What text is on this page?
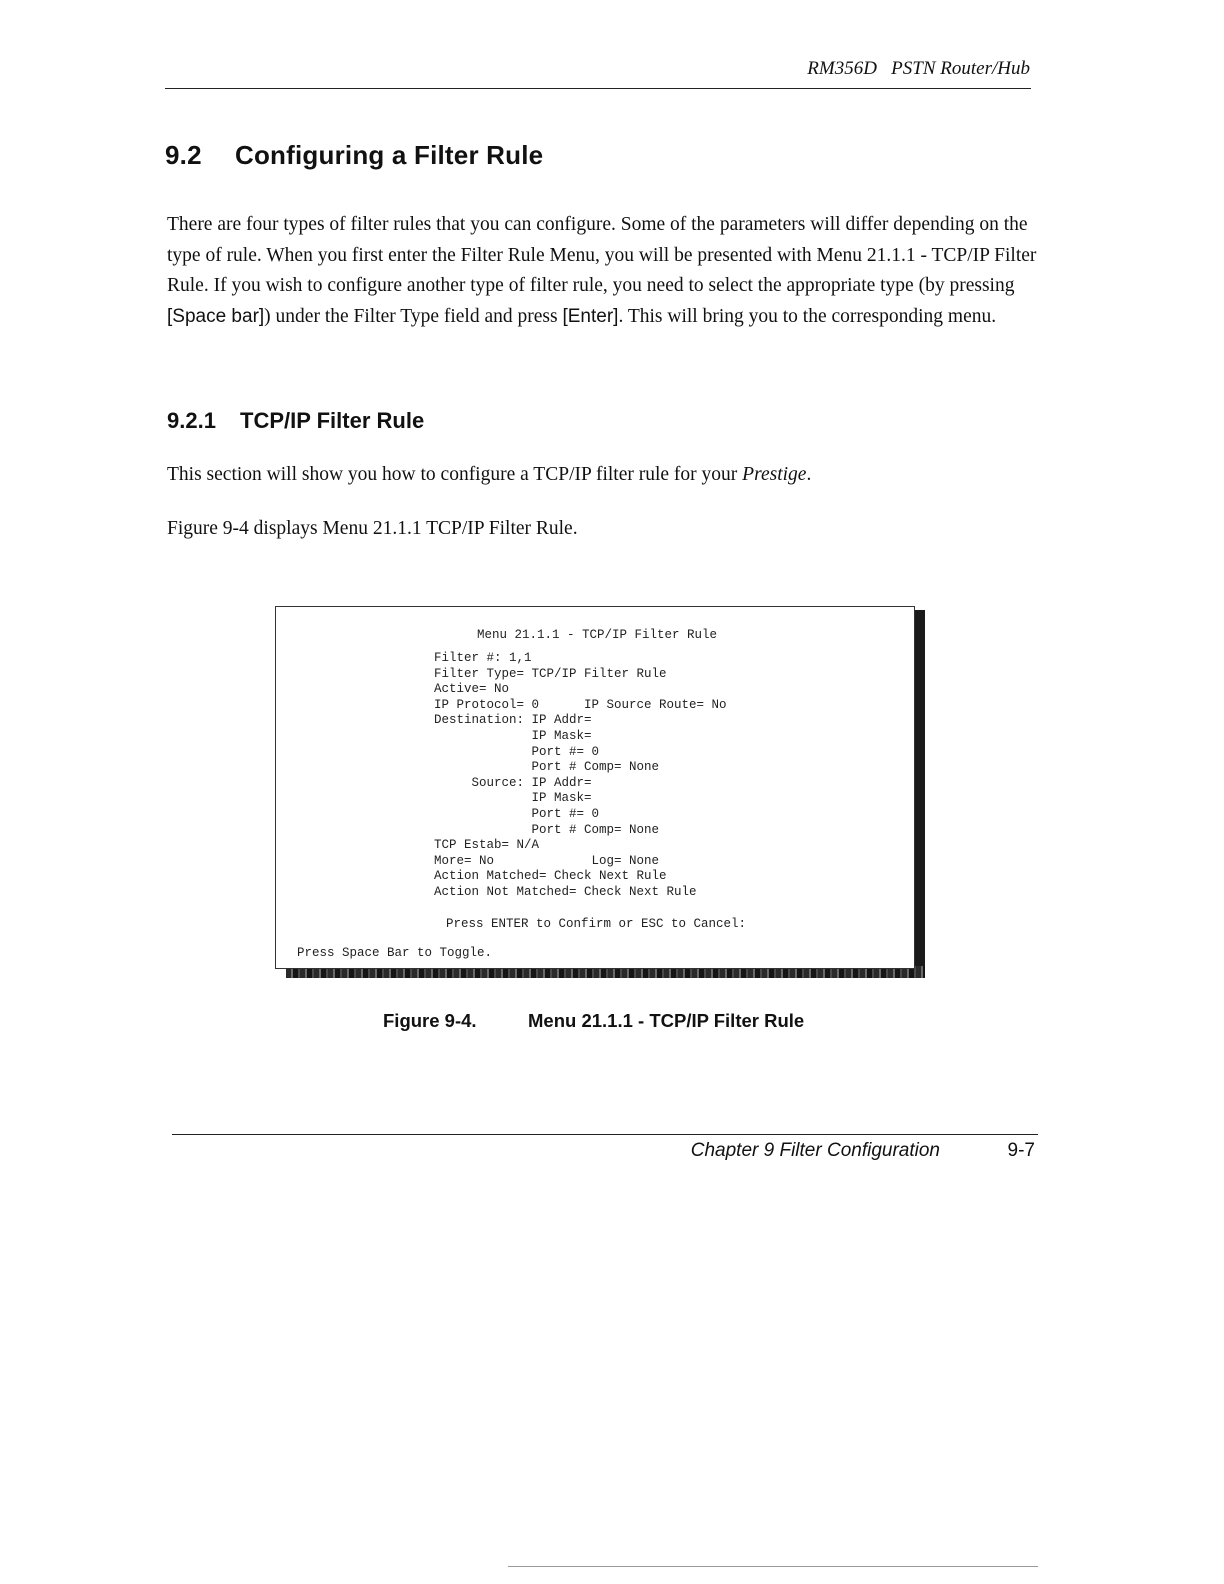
RM356D   PSTN Router/Hub
9.2 Configuring a Filter Rule

There are four types of filter rules that you can configure. Some of the parameters will differ depending on the type of rule. When you first enter the Filter Rule Menu, you will be presented with Menu 21.1.1 - TCP/IP Filter Rule. If you wish to configure another type of filter rule, you need to select the appropriate type (by pressing [Space bar]) under the Filter Type field and press [Enter]. This will bring you to the corresponding menu.

9.2.1 TCP/IP Filter Rule

This section will show you how to configure a TCP/IP filter rule for your Prestige.

Figure 9-4 displays Menu 21.1.1 TCP/IP Filter Rule.

Menu 21.1.1 - TCP/IP Filter Rule
Filter #: 1,1
Filter Type= TCP/IP Filter Rule
Active= No
IP Protocol= 0      IP Source Route= No
Destination: IP Addr=
IP Mask=
Port #= 0
Port # Comp= None
Source: IP Addr=
IP Mask=
Port #= 0
Port # Comp= None
TCP Estab= N/A
More= No             Log= None
Action Matched= Check Next Rule
Action Not Matched= Check Next Rule
Press ENTER to Confirm or ESC to Cancel:
Press Space Bar to Toggle.

Figure 9-4.	Menu 21.1.1 - TCP/IP Filter Rule

Chapter 9 Filter Configuration	9-7
